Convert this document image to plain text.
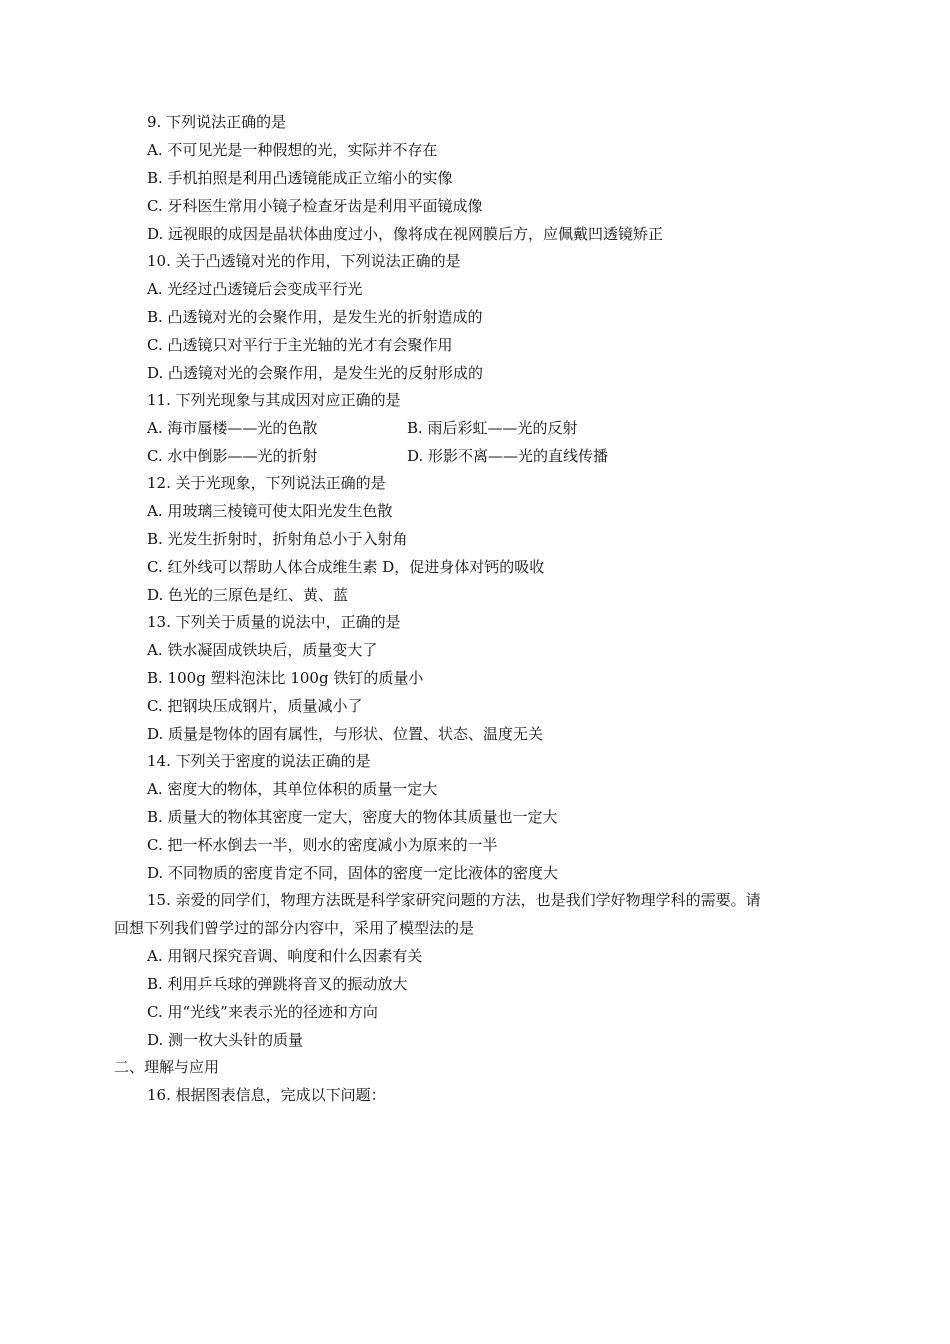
9. 下列说法正确的是
A. 不可见光是一种假想的光，实际并不存在
B. 手机拍照是利用凸透镜能成正立缩小的实像
C. 牙科医生常用小镜子检查牙齿是利用平面镜成像
D. 远视眼的成因是晶状体曲度过小，像将成在视网膜后方，应佩戴凹透镜矫正
10. 关于凸透镜对光的作用，下列说法正确的是
A. 光经过凸透镜后会变成平行光
B. 凸透镜对光的会聚作用，是发生光的折射造成的
C. 凸透镜只对平行于主光轴的光才有会聚作用
D. 凸透镜对光的会聚作用，是发生光的反射形成的
11. 下列光现象与其成因对应正确的是
A. 海市蜃楼——光的色散	B. 雨后彩虹——光的反射
C. 水中倒影——光的折射	D. 形影不离——光的直线传播
12. 关于光现象，下列说法正确的是
A. 用玻璃三棱镜可使太阳光发生色散
B. 光发生折射时，折射角总小于入射角
C. 红外线可以帮助人体合成维生素 D，促进身体对钙的吸收
D. 色光的三原色是红、黄、蓝
13. 下列关于质量的说法中，正确的是
A. 铁水凝固成铁块后，质量变大了
B. 100g 塑料泡沫比 100g 铁钉的质量小
C. 把钢块压成钢片，质量减小了
D. 质量是物体的固有属性，与形状、位置、状态、温度无关
14. 下列关于密度的说法正确的是
A. 密度大的物体，其单位体积的质量一定大
B. 质量大的物体其密度一定大，密度大的物体其质量也一定大
C. 把一杯水倒去一半，则水的密度减小为原来的一半
D. 不同物质的密度肯定不同，固体的密度一定比液体的密度大
15. 亲爱的同学们，物理方法既是科学家研究问题的方法，也是我们学好物理学科的需要。请
回想下列我们曾学过的部分内容中，采用了模型法的是
A. 用钢尺探究音调、响度和什么因素有关
B. 利用乒乓球的弹跳将音叉的振动放大
C. 用“光线”来表示光的径迹和方向
D. 测一枚大头针的质量
二、理解与应用
16. 根据图表信息，完成以下问题：
